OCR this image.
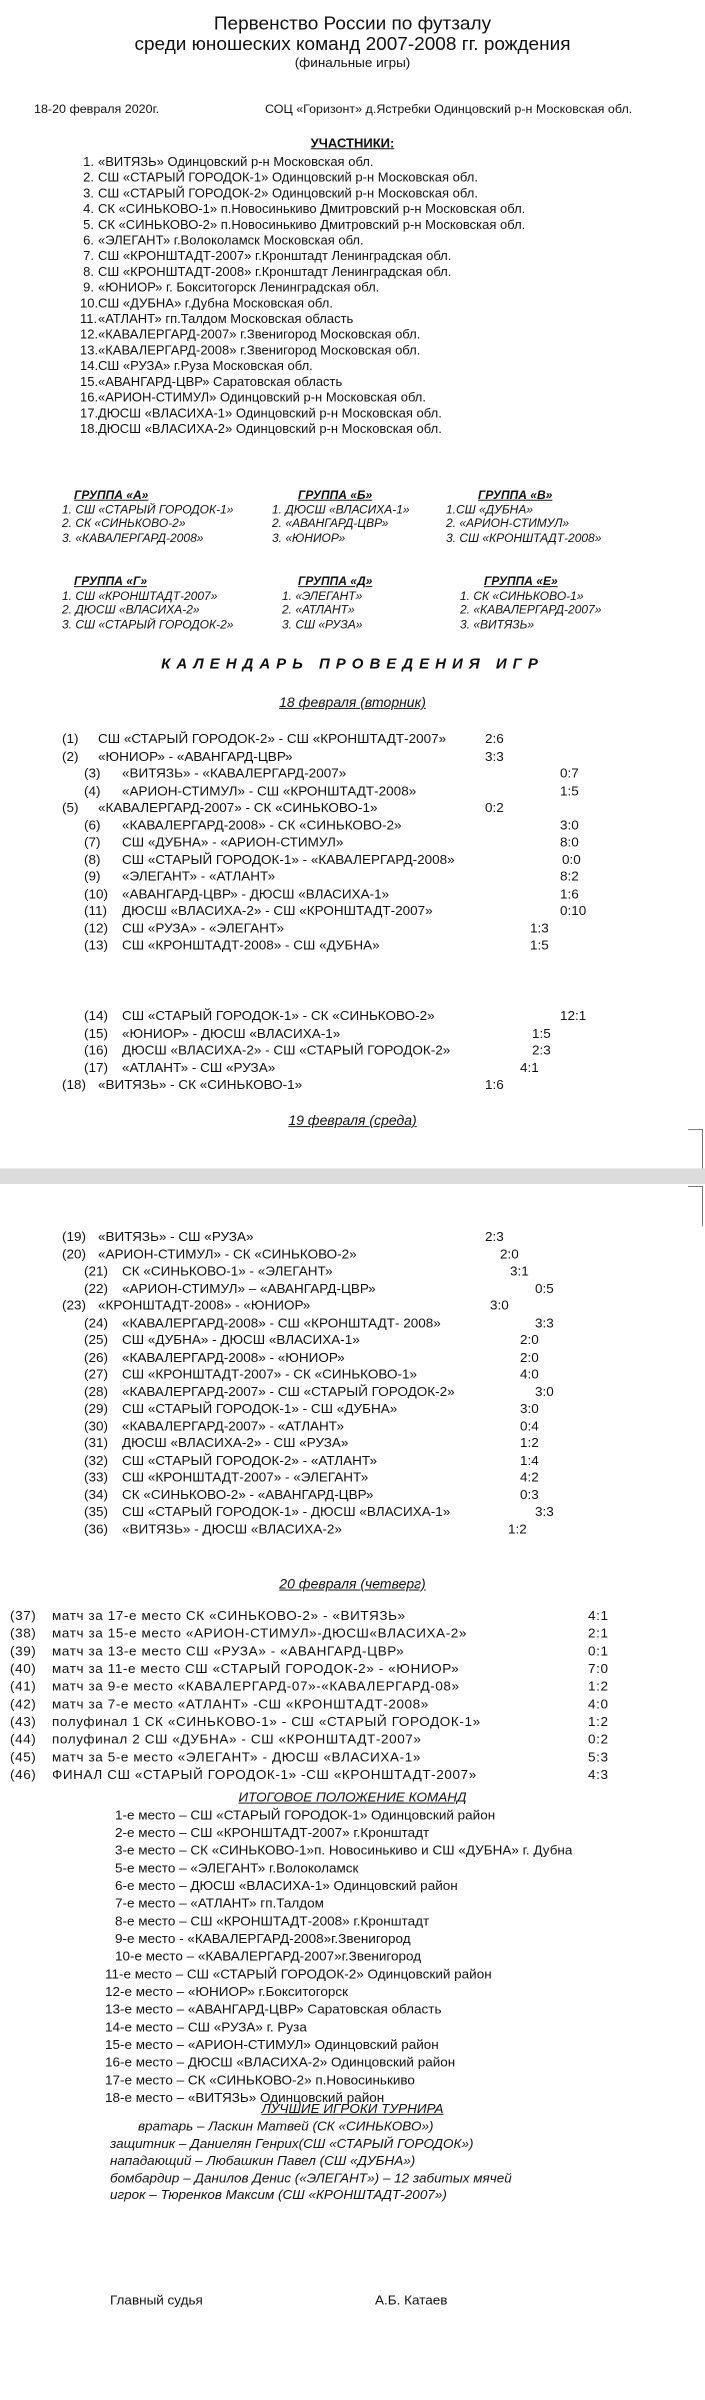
Первенство России по футзалу
среди юношеских команд 2007-2008 гг. рождения
(финальные игры)
18-20 февраля 2020г.	СОЦ «Горизонт» д.Ястребки Одинцовский р-н Московская обл.
УЧАСТНИКИ:
1. «ВИТЯЗЬ» Одинцовский р-н Московская обл.
2. СШ «СТАРЫЙ ГОРОДОК-1» Одинцовский р-н Московская обл.
3. СШ «СТАРЫЙ ГОРОДОК-2» Одинцовский р-н Московская обл.
4. СК «СИНЬКОВО-1» п.Новосинькиво Дмитровский р-н Московская обл.
5. СК «СИНЬКОВО-2» п.Новосинькиво Дмитровский р-н Московская обл.
6. «ЭЛЕГАНТ» г.Волоколамск Московская обл.
7. СШ «КРОНШТАДТ-2007» г.Кронштадт Ленинградская обл.
8. СШ «КРОНШТАДТ-2008» г.Кронштадт Ленинградская обл.
9. «ЮНИОР» г. Бокситогорск Ленинградская обл.
10. СШ «ДУБНА» г.Дубна Московская обл.
11. «АТЛАНТ» гп.Талдом Московская область
12. «КАВАЛЕРГАРД-2007» г.Звенигород Московская обл.
13. «КАВАЛЕРГАРД-2008» г.Звенигород Московская обл.
14. СШ «РУЗА» г.Руза Московская обл.
15. «АВАНГАРД-ЦВР» Саратовская область
16. «АРИОН-СТИМУЛ» Одинцовский р-н Московская обл.
17. ДЮСШ «ВЛАСИХА-1» Одинцовский р-н Московская обл.
18. ДЮСШ «ВЛАСИХА-2» Одинцовский р-н Московская обл.
ГРУППА «А»
1. СШ «СТАРЫЙ ГОРОДОК-1»
2. СК «СИНЬКОВО-2»
3. «КАВАЛЕРГАРД-2008»
ГРУППА «Б»
1. ДЮСШ «ВЛАСИХА-1»
2. «АВАНГАРД-ЦВР»
3. «ЮНИОР»
ГРУППА «В»
1.СШ «ДУБНА»
2. «АРИОН-СТИМУЛ»
3. СШ «КРОНШТАДТ-2008»
ГРУППА «Г»
1. СШ «КРОНШТАДТ-2007»
2. ДЮСШ «ВЛАСИХА-2»
3. СШ «СТАРЫЙ ГОРОДОК-2»
ГРУППА «Д»
1. «ЭЛЕГАНТ»
2. «АТЛАНТ»
3. СШ «РУЗА»
ГРУППА «Е»
1. СК «СИНЬКОВО-1»
2. «КАВАЛЕРГАРД-2007»
3. «ВИТЯЗЬ»
КАЛЕНДАРЬ ПРОВЕДЕНИЯ ИГР
18 февраля (вторник)
(1) СШ «СТАРЫЙ ГОРОДОК-2» - СШ «КРОНШТАДТ-2007»	2:6
(2) «ЮНИОР» - «АВАНГАРД-ЦВР»	3:3
(3) «ВИТЯЗЬ» - «КАВАЛЕРГАРД-2007»	0:7
(4) «АРИОН-СТИМУЛ» - СШ «КРОНШТАДТ-2008»	1:5
(5) «КАВАЛЕРГАРД-2007» - СК «СИНЬКОВО-1»	0:2
(6) «КАВАЛЕРГАРД-2008» - СК «СИНЬКОВО-2»	3:0
(7) СШ «ДУБНА» - «АРИОН-СТИМУЛ»	8:0
(8) СШ «СТАРЫЙ ГОРОДОК-1» - «КАВАЛЕРГАРД-2008»	0:0
(9) «ЭЛЕГАНТ» - «АТЛАНТ»	8:2
(10) «АВАНГАРД-ЦВР» - ДЮСШ «ВЛАСИХА-1»	1:6
(11) ДЮСШ «ВЛАСИХА-2» - СШ «КРОНШТАДТ-2007»	0:10
(12) СШ «РУЗА» - «ЭЛЕГАНТ»	1:3
(13) СШ «КРОНШТАДТ-2008» - СШ «ДУБНА»	1:5
(14) СШ «СТАРЫЙ ГОРОДОК-1» - СК «СИНЬКОВО-2»	12:1
(15) «ЮНИОР» - ДЮСШ «ВЛАСИХА-1»	1:5
(16) ДЮСШ «ВЛАСИХА-2» - СШ «СТАРЫЙ ГОРОДОК-2»	2:3
(17) «АТЛАНТ» - СШ «РУЗА»	4:1
(18) «ВИТЯЗЬ» - СК «СИНЬКОВО-1»	1:6
19 февраля (среда)
(19) «ВИТЯЗЬ» - СШ «РУЗА»	2:3
(20) «АРИОН-СТИМУЛ» - СК «СИНЬКОВО-2»	2:0
(21) СК «СИНЬКОВО-1» - «ЭЛЕГАНТ»	3:1
(22) «АРИОН-СТИМУЛ» – «АВАНГАРД-ЦВР»	0:5
(23) «КРОНШТАДТ-2008» - «ЮНИОР»	3:0
(24) «КАВАЛЕРГАРД-2008» - СШ «КРОНШТАДТ- 2008»	3:3
(25) СШ «ДУБНА» - ДЮСШ «ВЛАСИХА-1»	2:0
(26) «КАВАЛЕРГАРД-2008» - «ЮНИОР»	2:0
(27) СШ «КРОНШТАДТ-2007» - СК «СИНЬКОВО-1»	4:0
(28) «КАВАЛЕРГАРД-2007» - СШ «СТАРЫЙ ГОРОДОК-2»	3:0
(29) СШ «СТАРЫЙ ГОРОДОК-1» - СШ «ДУБНА»	3:0
(30) «КАВАЛЕРГАРД-2007» - «АТЛАНТ»	0:4
(31) ДЮСШ «ВЛАСИХА-2» - СШ «РУЗА»	1:2
(32) СШ «СТАРЫЙ ГОРОДОК-2» - «АТЛАНТ»	1:4
(33) СШ «КРОНШТАДТ-2007» - «ЭЛЕГАНТ»	4:2
(34) СК «СИНЬКОВО-2» - «АВАНГАРД-ЦВР»	0:3
(35) СШ «СТАРЫЙ ГОРОДОК-1» - ДЮСШ «ВЛАСИХА-1»	3:3
(36) «ВИТЯЗЬ» - ДЮСШ «ВЛАСИХА-2»	1:2
20 февраля (четверг)
(37) матч за 17-е место СК «СИНЬКОВО-2» - «ВИТЯЗЬ»	4:1
(38) матч за 15-е место «АРИОН-СТИМУЛ»-ДЮСШ«ВЛАСИХА-2»	2:1
(39) матч за 13-е место СШ «РУЗА» - «АВАНГАРД-ЦВР»	0:1
(40) матч за 11-е место СШ «СТАРЫЙ ГОРОДОК-2» - «ЮНИОР»	7:0
(41) матч за 9-е место «КАВАЛЕРГАРД-07»-«КАВАЛЕРГАРД-08»	1:2
(42) матч за 7-е место «АТЛАНТ» -СШ «КРОНШТАДТ-2008»	4:0
(43) полуфинал 1 СК «СИНЬКОВО-1» - СШ «СТАРЫЙ ГОРОДОК-1»	1:2
(44) полуфинал 2 СШ «ДУБНА» - СШ «КРОНШТАДТ-2007»	0:2
(45) матч за 5-е место «ЭЛЕГАНТ» - ДЮСШ «ВЛАСИХА-1»	5:3
(46) ФИНАЛ СШ «СТАРЫЙ ГОРОДОК-1» -СШ «КРОНШТАДТ-2007»	4:3
ИТОГОВОЕ ПОЛОЖЕНИЕ КОМАНД
1-е место – СШ «СТАРЫЙ ГОРОДОК-1» Одинцовский район
2-е место – СШ «КРОНШТАДТ-2007» г.Кронштадт
3-е место – СК «СИНЬКОВО-1»п. Новосинькиво и СШ «ДУБНА» г. Дубна
5-е место – «ЭЛЕГАНТ» г.Волоколамск
6-е место – ДЮСШ «ВЛАСИХА-1» Одинцовский район
7-е место – «АТЛАНТ» гп.Талдом
8-е место – СШ «КРОНШТАДТ-2008» г.Кронштадт
9-е место - «КАВАЛЕРГАРД-2008»г.Звенигород
10-е место – «КАВАЛЕРГАРД-2007»г.Звенигород
11-е место – СШ «СТАРЫЙ ГОРОДОК-2» Одинцовский район
12-е место – «ЮНИОР» г.Бокситогорск
13-е место – «АВАНГАРД-ЦВР» Саратовская область
14-е место – СШ «РУЗА» г. Руза
15-е место – «АРИОН-СТИМУЛ» Одинцовский район
16-е место – ДЮСШ «ВЛАСИХА-2» Одинцовский район
17-е место – СК «СИНЬКОВО-2» п.Новосинькиво
18-е место – «ВИТЯЗЬ» Одинцовский район
ЛУЧШИЕ ИГРОКИ ТУРНИРА
вратарь – Ласкин Матвей (СК «СИНЬКОВО»)
защитник – Даниелян Генрих(СШ «СТАРЫЙ ГОРОДОК»)
нападающий – Любашкин Павел (СШ «ДУБНА»)
бомбардир – Данилов Денис («ЭЛЕГАНТ») – 12 забитых мячей
игрок – Тюренков Максим (СШ «КРОНШТАДТ-2007»)
Главный судья	А.Б. Катаев
